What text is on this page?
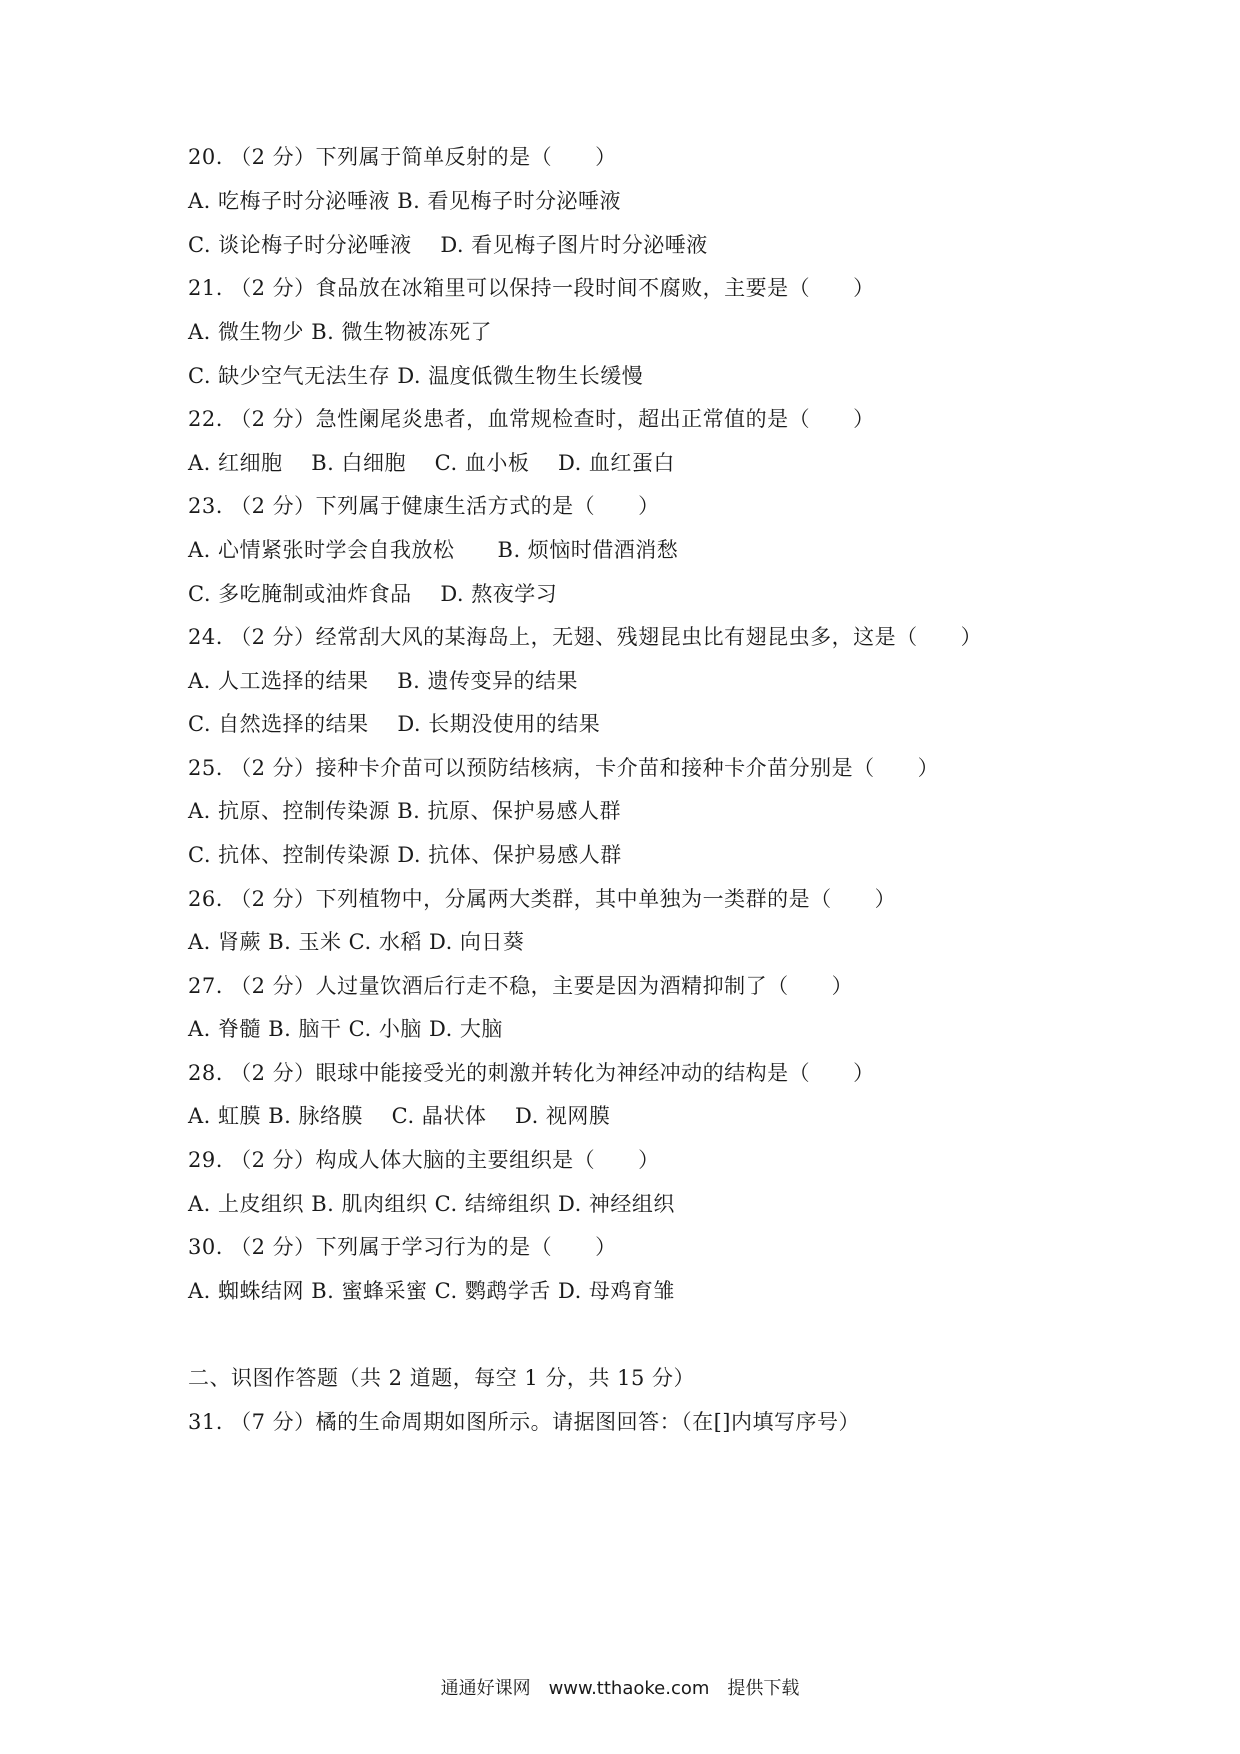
20. （2 分）下列属于简单反射的是（　　）
A. 吃梅子时分泌唾液 B. 看见梅子时分泌唾液
C. 谈论梅子时分泌唾液　 D. 看见梅子图片时分泌唾液
21. （2 分）食品放在冰箱里可以保持一段时间不腐败，主要是（　　）
A. 微生物少 B. 微生物被冻死了
C. 缺少空气无法生存 D. 温度低微生物生长缓慢
22. （2 分）急性阑尾炎患者，血常规检查时，超出正常值的是（　　）
A. 红细胞　 B. 白细胞　 C. 血小板　 D. 血红蛋白
23. （2 分）下列属于健康生活方式的是（　　）
A. 心情紧张时学会自我放松　　B. 烦恼时借酒消愁
C. 多吃腌制或油炸食品　 D. 熬夜学习
24. （2 分）经常刮大风的某海岛上，无翅、残翅昆虫比有翅昆虫多，这是（　　）
A. 人工选择的结果　 B. 遗传变异的结果
C. 自然选择的结果　 D. 长期没使用的结果
25. （2 分）接种卡介苗可以预防结核病，卡介苗和接种卡介苗分别是（　　）
A. 抗原、控制传染源 B. 抗原、保护易感人群
C. 抗体、控制传染源 D. 抗体、保护易感人群
26. （2 分）下列植物中，分属两大类群，其中单独为一类群的是（　　）
A. 肾蕨 B. 玉米 C. 水稻 D. 向日葵
27. （2 分）人过量饮酒后行走不稳，主要是因为酒精抑制了（　　）
A. 脊髓 B. 脑干 C. 小脑 D. 大脑
28. （2 分）眼球中能接受光的刺激并转化为神经冲动的结构是（　　）
A. 虹膜 B. 脉络膜　 C. 晶状体　 D. 视网膜
29. （2 分）构成人体大脑的主要组织是（　　）
A. 上皮组织 B. 肌肉组织 C. 结缔组织 D. 神经组织
30. （2 分）下列属于学习行为的是（　　）
A. 蜘蛛结网 B. 蜜蜂采蜜 C. 鹦鹉学舌 D. 母鸡育雏
二、识图作答题（共 2 道题，每空 1 分，共 15 分）
31. （7 分）橘的生命周期如图所示。请据图回答：（在[]内填写序号）
通通好课网　www.tthaoke.com　提供下载
